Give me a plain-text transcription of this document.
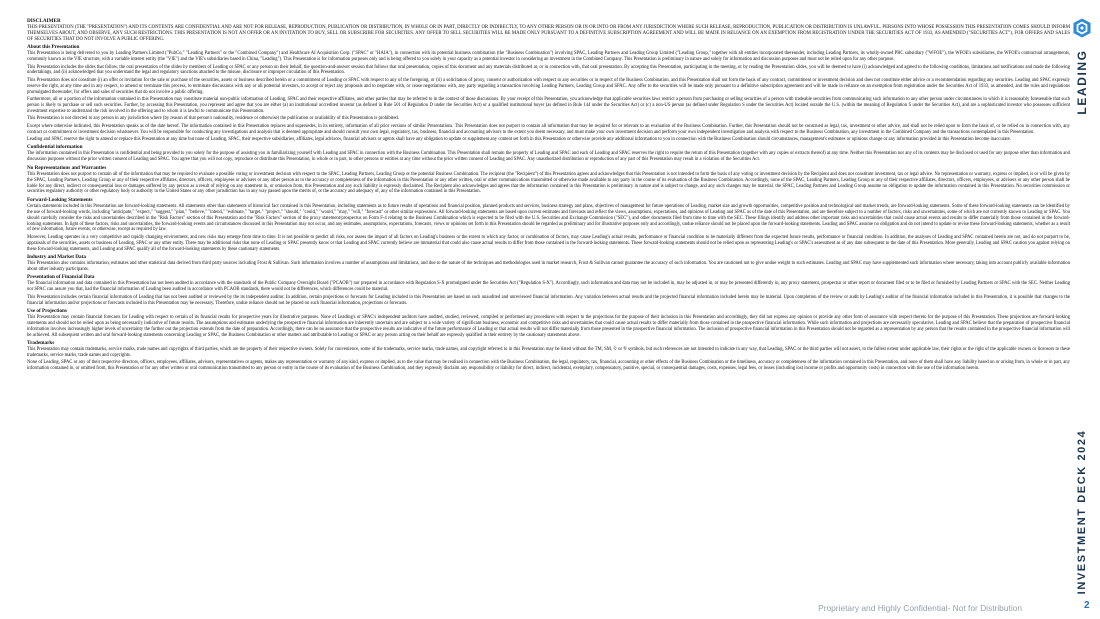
DISCLAIMER

THIS PRESENTATION (THE "PRESENTATION") AND ITS CONTENTS ARE CONFIDENTIAL AND ARE NOT FOR RELEASE, REPRODUCTION, PUBLICATION OR DISTRIBUTION, IN WHOLE OR IN PART, DIRECTLY OR INDIRECTLY, TO ANY OTHER PERSON OR IN OR INTO OR FROM ANY JURISDICTION WHERE SUCH RELEASE, REPRODUCTION, PUBLICATION OR DISTRIBUTION IS UNLAWFUL. PERSONS INTO WHOSE POSSESSION THIS PRESENTATION COMES SHOULD INFORM THEMSELVES ABOUT, AND OBSERVE, ANY SUCH RESTRICTIONS. THIS PRESENTATION IS NOT AN OFFER OR AN INVITATION TO BUY, SELL OR SUBSCRIBE FOR SECURITIES. ANY OFFER TO SELL SECURITIES WILL BE MADE ONLY PURSUANT TO A DEFINITIVE SUBSCRIPTION AGREEMENT AND WILL BE MADE IN RELIANCE ON AN EXEMPTION FROM REGISTRATION UNDER THE SECURITIES ACT OF 1933, AS AMENDED ("SECURITIES ACT"), FOR OFFERS AND SALES OF SECURITIES THAT DO NOT INVOLVE A PUBLIC OFFERING.

About this Presentation

This Presentation is being delivered to you by Leading Partners Limited ("PubCo," "Leading Partners" or the "Combined Company") and Healthcare AI Acquisition Corp. ("SPAC" or "HAIA"), in connection with its potential business combination (the "Business Combination") involving SPAC, Leading Partners and Leading Group Limited ("Leading Group," together with all entities incorporated thereunder, including Leading Partners, its wholly-owned PRC subsidiary ("WFOE"), the WFOE's subsidiaries, the WFOE's contractual arrangements, commonly known as the VIE structure, with a variable interest entity (the "VIE") and the VIE's subsidiaries based in China, "Leading"). This Presentation is for information purposes only and is being offered to you solely in your capacity as a potential investor in considering an investment in the Combined Company. This Presentation is preliminary in nature and solely for information and discussion purposes and must not be relied upon for any other purpose.

This Presentation includes the slides that follow, the oral presentation of the slides by members of Leading or SPAC or any person on their behalf, the question-and-answer session that follows that oral presentation, copies of this document and any materials distributed at, or in connection with, that oral presentation. By accepting this Presentation, participating in the meeting, or by reading the Presentation slides, you will be deemed to have (i) acknowledged and agreed to the following conditions, limitations and notifications and made the following undertakings, and (ii) acknowledged that you understand the legal and regulatory sanctions attached to the misuse, disclosure or improper circulation of this Presentation.

This Presentation does not constitute (i) an offer or invitation for the sale or purchase of the securities, assets or business described herein or a commitment of Leading or SPAC with respect to any of the foregoing, or (ii) a solicitation of proxy, consent or authorization with respect to any securities or in respect of the Business Combination, and this Presentation shall not form the basis of any contract, commitment or investment decision and does not constitute either advice or a recommendation regarding any securities. Leading and SPAC expressly reserve the right, at any time and in any respect, to amend or terminate this process, to terminate discussions with any or all potential investors, to accept or reject any proposals and to negotiate with, or cease negotiations with, any party regarding a transaction involving Leading Partners, Leading Group and SPAC. Any offer to the securities will be made only pursuant to a definitive subscription agreement and will be made in reliance on an exemption from registration under the Securities Act of 1933, as amended, and the rules and regulations promulgated thereunder, for offers and sales of securities that do not involve a public offering.

Furthermore, all or a portion of the information contained in this Presentation may constitute material non-public information of Leading, SPAC and their respective affiliates, and other parties that may be referred to in the context of those discussions. By your receipt of this Presentation, you acknowledge that applicable securities laws restrict a person from purchasing or selling securities of a person with tradeable securities from communicating such information to any other person under circumstances in which it is reasonably foreseeable that such person is likely to purchase or sell such securities. Further, by accessing this Presentation, you represent and agree that you are either (a) an institutional accredited investor (as defined in Rule 501 of Regulation D under the Securities Act) or a qualified institutional buyer (as defined in Rule 144 under the Securities Act) or (c) a non-US person (as defined under Regulation S under the Securities Act) located outside the U.S. (within the meaning of Regulation S under the Securities Act), and are a sophisticated investor who possesses sufficient investment expertise to understand the risk involved in the offering and to whom it is lawful to communicate this Presentation.

This Presentation is not directed to any person in any jurisdiction where (by reason of that person's nationality, residence or otherwise) the publication or availability of this Presentation is prohibited.

Except where otherwise indicated, this Presentation speaks as of the date hereof. The information contained in this Presentation replaces and supersedes, in its entirety, information of all prior versions of similar Presentations. This Presentation does not purport to contain all information that may be required for or relevant to an evaluation of the Business Combination. Further, this Presentation should not be construed as legal, tax, investment or other advice, and shall not be relied upon to form the basis of, or be relied on in connection with, any contract or commitment or investment decision whatsoever. You will be responsible for conducting any investigations and analysis that is deemed appropriate and should consult your own legal, regulatory, tax, business, financial and accounting advisors to the extent you deem necessary, and must make your own investment decision and perform your own independent investigation and analysis with respect to the Business Combination, any investment in the Combined Company and the transactions contemplated in this Presentation.

Leading and SPAC reserve the right to amend or replace this Presentation at any time but none of Leading, SPAC, their respective subsidiaries, affiliates, legal advisors, financial advisors or agents shall have any obligation to update or supplement any content set forth in this Presentation or otherwise provide any additional information to you in connection with the Business Combination should circumstances, management's estimates or opinions change or any information provided in this Presentation become inaccurate.

Confidential information

The information contained in this Presentation is confidential and being provided to you solely for the purpose of assisting you in familiarizing yourself with Leading and SPAC in connection with the Business Combination. This Presentation shall remain the property of Leading and SPAC and each of Leading and SPAC reserves the right to require the return of this Presentation (together with any copies or extracts thereof) at any time. Neither this Presentation nor any of its contents may be disclosed or used for any purpose other than information and discussion purposes without the prior written consent of Leading and SPAC. You agree that you will not copy, reproduce or distribute this Presentation, in whole or in part, to other persons or entities at any time without the prior written consent of Leading and SPAC. Any unauthorized distribution or reproduction of any part of this Presentation may result in a violation of the Securities Act.

No Representations and Warranties

This Presentation does not purport to contain all of the information that may be required to evaluate a possible voting or investment decision with respect to the SPAC, Leading Partners, Leading Group or the potential Business Combination. The recipient (the "Recipient") of this Presentation agrees and acknowledges that this Presentation is not intended to form the basis of any voting or investment decision by the Recipient and does not constitute investment, tax or legal advice. No representation or warranty, express or implied, is or will be given by the SPAC, Leading Partners, Leading Group or any of their respective affiliates, directors, officers, employees or advisers or any other person as to the accuracy or completeness of the information in this Presentation or any other written, oral or other communications transmitted or otherwise made available to any party in the course of its evaluation of the Business Combination. Accordingly, none of the SPAC, Leading Partners, Leading Group or any of their respective affiliates, directors, officers, employees, or advisers or any other person shall be liable for any direct, indirect or consequential loss or damages suffered by any person as a result of relying on any statement in, or omission from, this Presentation and any such liability is expressly disclaimed. The Recipient also acknowledges and agrees that the information contained in this Presentation is preliminary in nature and is subject to change, and any such changes may be material. the SPAC, Leading Partners and Leading Group assume no obligation to update the information contained in this Presentation. No securities commission or securities regulatory authority or other regulatory body or authority in the United States or any other jurisdiction has in any way passed upon the merits of, or the accuracy and adequacy of, any of the information contained in this Presentation.

Forward-Looking Statements

Certain statements included in this Presentation are forward-looking statements. All statements other than statements of historical fact contained in this Presentation, including statements as to future results of operations and financial position, planned products and services, business strategy and plans, objectives of management for future operations of Leading, market size and growth opportunities, competitive position and technological and market trends, are forward-looking statements. Some of these forward-looking statements can be identified by the use of forward-looking words, including "anticipate," "expect," "suggest," "plan," "believe," "intend," "estimate," "target," "project," "should," "could," "would," "may," "will," "forecast" or other similar expressions. All forward-looking statements are based upon current estimates and forecasts and reflect the views, assumptions, expectations, and opinions of Leading and SPAC as of the date of this Presentation, and are therefore subject to a number of factors, risks and uncertainties, some of which are not currently known to Leading or SPAC. You should carefully consider the risks and uncertainties described in the "Risk Factors" section of this Presentation and the "Risk Factors" section of the proxy statement/prospectus on Form F-4 relating to the Business Combination which is expected to be filed with the U.S. Securities and Exchange Commission ("SEC"), and other documents filed from time to time with the SEC. These filings identify and address other important risks and uncertainties that could cause actual events and results to differ materially from those contained in the forward-looking statements. In light of these factors, risks and uncertainties, the forward-looking events and circumstances discussed in this Presentation may not occur, and any estimates, assumptions, expectations, forecasts, views or opinions set forth in this Presentation should be regarded as preliminary and for illustrative purposes only and accordingly, undue reliance should not be placed upon the forward-looking statements. Leading and SPAC assume no obligation and do not intend to update or revise these forward-looking statements, whether as a result of new information, future events, or otherwise, except as required by law.

Moreover, Leading operates in a very competitive and rapidly changing environment, and new risks may emerge from time to time. It is not possible to predict all risks, nor assess the impact of all factors on Leading's business or the extent to which any factor, or combination of factors, may cause Leading's actual results, performance or financial condition to be materially different from the expected future results, performance or financial condition. In addition, the analyses of Leading and SPAC contained herein are not, and do not purport to be, appraisals of the securities, assets or business of Leading, SPAC or any other entity. There may be additional risks that none of Leading or SPAC presently know or that Leading and SPAC currently believe are immaterial that could also cause actual results to differ from those contained in the forward-looking statements. These forward-looking statements should not be relied upon as representing Leading's or SPAC's assessment as of any date subsequent to the date of this Presentation. More generally, Leading and SPAC caution you against relying on these forward-looking statements, and Leading and SPAC qualify all of the forward-looking statements by these cautionary statements.

Industry and Market Data

This Presentation also contains information, estimates and other statistical data derived from third party sources including Frost & Sullivan. Such information involves a number of assumptions and limitations, and due to the nature of the techniques and methodologies used in market research, Frost & Sullivan cannot guarantee the accuracy of such information. You are cautioned not to give undue weight to such estimates. Leading and SPAC may have supplemented such information where necessary, taking into account publicly available information about other industry participants.

Presentation of Financial Data

The financial information and data contained in this Presentation has not been audited in accordance with the standards of the Public Company Oversight Board ("PCAOB") nor prepared in accordance with Regulation S-X promulgated under the Securities Act ("Regulation S-X"). Accordingly, such information and data may not be included in, may be adjusted in, or may be presented differently in, any proxy statement, prospectus or other report or document filed or to be filed or furnished by Leading Partners or SPAC with the SEC. Neither Leading nor SPAC can assure you that, had the financial information of Leading been audited in accordance with PCAOB standards, there would not be differences, which differences could be material.

This Presentation includes certain financial information of Leading that has not been audited or reviewed by the its independent auditor. In addition, certain projections or forecasts for Leading included in this Presentation are based on such unaudited and unreviewed financial information. Any variation between actual results and the projected financial information included herein may be material. Upon completion of the review or audit by Leading's auditor of the financial information included in this Presentation, it is possible that changes to the financial information and/or projections or forecasts included in this Presentation may be necessary. Therefore, undue reliance should not be placed on such financial information, projections or forecasts.

Use of Projections

This Presentation may contain financial forecasts for Leading with respect to certain of its financial results for prospective years for illustrative purposes. None of Leading's or SPAC's independent auditors have audited, studied, reviewed, compiled or performed any procedures with respect to the projections for the purpose of their inclusion in this Presentation and accordingly, they did not express any opinion or provide any other form of assurance with respect thereto for the purpose of this Presentation. These projections are forward-looking statements and should not be relied upon as being necessarily indicative of future results. The assumptions and estimates underlying the prospective financial information are inherently uncertain and are subject to a wide variety of significant business, economic and competitive risks and uncertainties that could cause actual results to differ materially from those contained in the prospective financial information. While such information and projections are necessarily speculative, Leading and SPAC believe that the preparation of prospective financial information involves increasingly higher levels of uncertainty the further out the projection extends from the date of preparation. Accordingly, there can be no assurance that the prospective results are indicative of the future performance of Leading or that actual results will not differ materially from those presented in the prospective financial information. The inclusion of prospective financial information in this Presentation should not be regarded as a representation by any person that the results contained in the prospective financial information will be achieved. All subsequent written and oral forward-looking statements concerning Leading or SPAC, the Business Combination or other matters and attributable to Leading or SPAC or any person acting on their behalf are expressly qualified in their entirety by the cautionary statements above.

Trademarks

This Presentation may contain trademarks, service marks, trade names and copyrights of third parties, which are the property of their respective owners. Solely for convenience, some of the trademarks, service marks, trade names, and copyright referred to in this Presentation may be listed without the TM, SM, © or ® symbols, but such references are not intended to indicate in any way, that Leading, SPAC or the third parties will not assert, to the fullest extent under applicable law, their rights or the right of the applicable owners or licensors to these trademarks, service marks, trade names and copyrights.

None of Leading, SPAC or any of their respective directors, officers, employees, affiliates, advisors, representatives or agents, makes any representation or warranty of any kind, express or implied, as to the value that may be realized in connection with the Business Combination, the legal, regulatory, tax, financial, accounting or other effects of the Business Combination or the timeliness, accuracy or completeness of the information contained in this Presentation, and none of them shall have any liability based on or arising from, in whole or in part, any information contained in, or omitted from, this Presentation or for any other written or oral communication transmitted to any person or entity in the course of its evaluation of the Business Combination, and they expressly disclaim any responsibility or liability for direct, indirect, incidental, exemplary, compensatory, punitive, special, or consequential damages, costs, expenses, legal fees, or losses (including lost income or profits and opportunity costs) in connection with the use of the information herein.

LEADING
INVESTMENT DECK 2024
Proprietary and Highly Confidential- Not for Distribution	2
